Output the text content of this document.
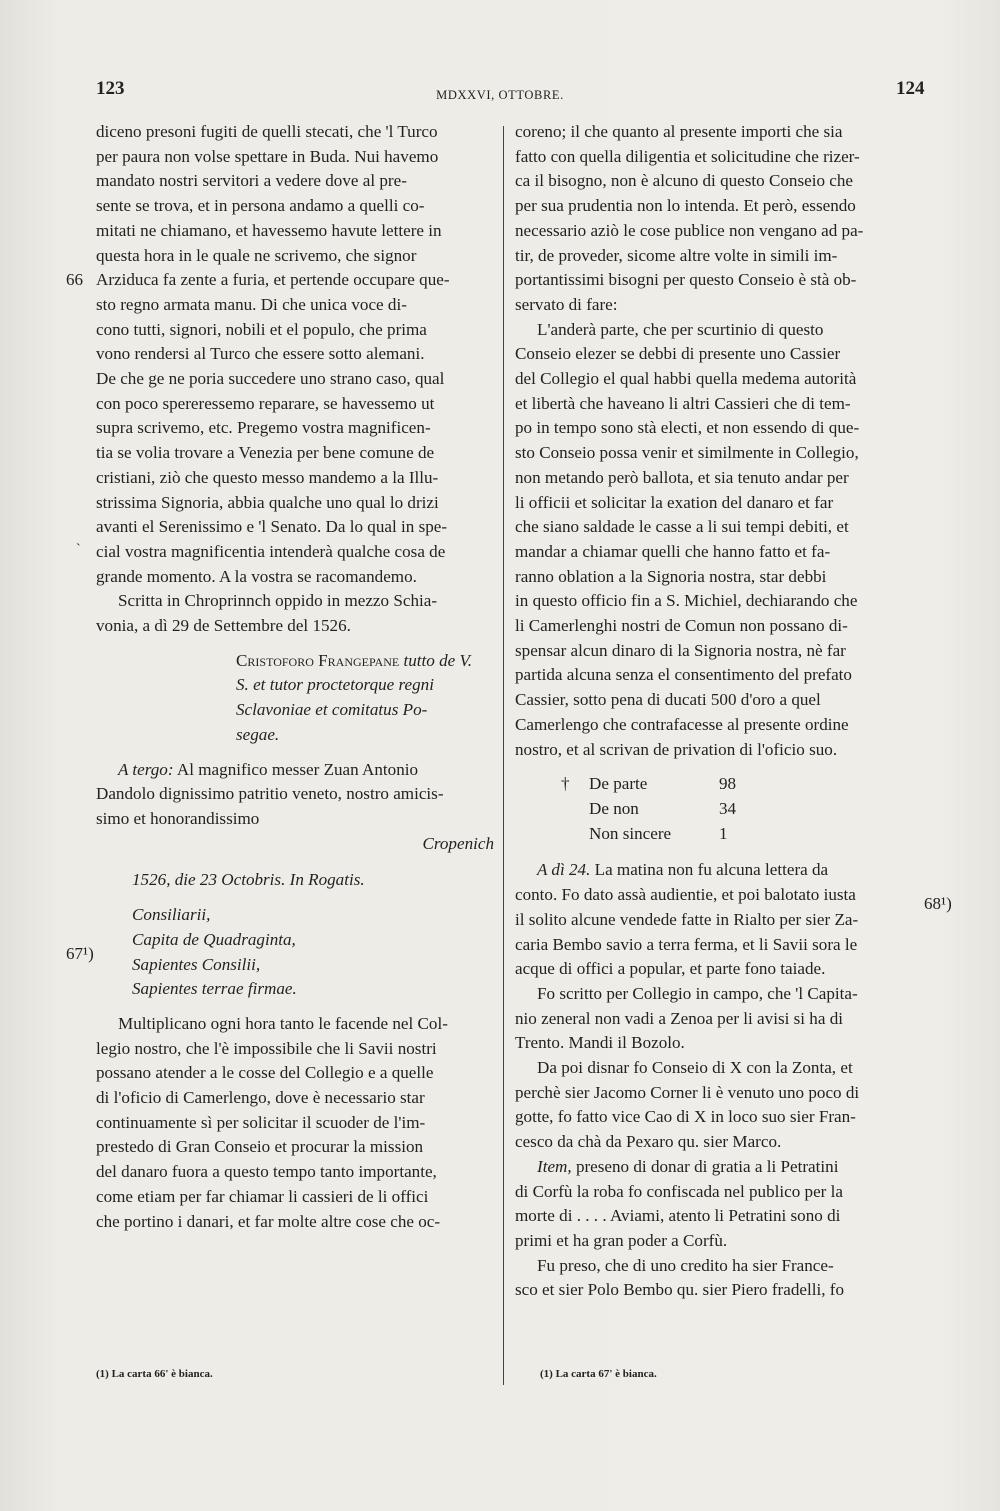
123	MDXXVI, OTTOBRE.	124
66
ˋ
67¹)
68¹)
diceno presoni fugiti de quelli stecati, che 'l Turco
per paura non volse spettare in Buda. Nui havemo
mandato nostri servitori a vedere dove al pre-
sente se trova, et in persona andamo a quelli co-
mitati ne chiamano, et havessemo havute lettere in
questa hora in le quale ne scrivemo, che signor
Arziduca fa zente a furia, et pertende occupare que-
sto regno armata manu. Di che unica voce di-
cono tutti, signori, nobili et el populo, che prima
vono rendersi al Turco che essere sotto alemani.
De che ge ne poria succedere uno strano caso, qual
con poco spereressemo reparare, se havessemo ut
supra scrivemo, etc. Pregemo vostra magnificen-
tia se volia trovare a Venezia per bene comune de
cristiani, ziò che questo messo mandemo a la Illu-
strissima Signoria, abbia qualche uno qual lo drizi
avanti el Serenissimo e 'l Senato. Da lo qual in spe-
cial vostra magnificentia intenderà qualche cosa de
grande momento. A la vostra se racomandemo.
Scritta in Chroprinnch oppido in mezzo Schia-
vonia, a dì 29 de Settembre del 1526.
Cristoforo Frangepane tutto de V.
S. et tutor proctetorque regni
Sclavoniae et comitatus Po-
segae.
A tergo: Al magnifico messer Zuan Antonio
Dandolo dignissimo patritio veneto, nostro amicis-
simo et honorandissimo
Cropenich
1526, die 23 Octobris. In Rogatis.
Consiliarii,
Capita de Quadraginta,
Sapientes Consilii,
Sapientes terrae firmae.
Multiplicano ogni hora tanto le facende nel Col-
legio nostro, che l'è impossibile che li Savii nostri
possano atender a le cosse del Collegio e a quelle
di l'oficio di Camerlengo, dove è necessario star
continuamente sì per solicitar il scuoder de l'im-
prestedo di Gran Conseio et procurar la mission
del danaro fuora a questo tempo tanto importante,
come etiam per far chiamar li cassieri de li offici
che portino i danari, et far molte altre cose che oc-
coreno; il che quanto al presente importi che sia
fatto con quella diligentia et solicitudine che rizer-
ca il bisogno, non è alcuno di questo Conseio che
per sua prudentia non lo intenda. Et però, essendo
necessario aziò le cose publice non vengano ad pa-
tir, de proveder, sicome altre volte in simili im-
portantissimi bisogni per questo Conseio è stà ob-
servato di fare:
L'anderà parte, che per scurtinio di questo
Conseio elezer se debbi di presente uno Cassier
del Collegio el qual habbi quella medema autorità
et libertà che haveano li altri Cassieri che di tem-
po in tempo sono stà electi, et non essendo di que-
sto Conseio possa venir et similmente in Collegio,
non metando però ballota, et sia tenuto andar per
li officii et solicitar la exation del danaro et far
che siano saldade le casse a li sui tempi debiti, et
mandar a chiamar quelli che hanno fatto et fa-
ranno oblation a la Signoria nostra, star debbi
in questo officio fin a S. Michiel, dechiarando che
li Camerlenghi nostri de Comun non possano di-
spensar alcun dinaro di la Signoria nostra, nè far
partida alcuna senza el consentimento del prefato
Cassier, sotto pena di ducati 500 d'oro a quel
Camerlengo che contrafacesse al presente ordine
nostro, et al scrivan de privation di l'oficio suo.
†	De parte	98
De non	34
Non sincere	1
A dì 24. La matina non fu alcuna lettera da
conto. Fo dato assà audientie, et poi balotato iusta
il solito alcune vendede fatte in Rialto per sier Za-
caria Bembo savio a terra ferma, et li Savii sora le
acque di offici a popular, et parte fono taiade.
Fo scritto per Collegio in campo, che 'l Capita-
nio zeneral non vadi a Zenoa per li avisi si ha di
Trento. Mandi il Bozolo.
Da poi disnar fo Conseio di X con la Zonta, et
perchè sier Jacomo Corner li è venuto uno poco di
gotte, fo fatto vice Cao di X in loco suo sier Fran-
cesco da chà da Pexaro qu. sier Marco.
Item, preseno di donar di gratia a li Petratini
di Corfù la roba fo confiscada nel publico per la
morte di . . . . Aviami, atento li Petratini sono di
primi et ha gran poder a Corfù.
Fu preso, che di uno credito ha sier France-
sco et sier Polo Bembo qu. sier Piero fradelli, fo
(1) La carta 66' è bianca.	(1) La carta 67' è bianca.
